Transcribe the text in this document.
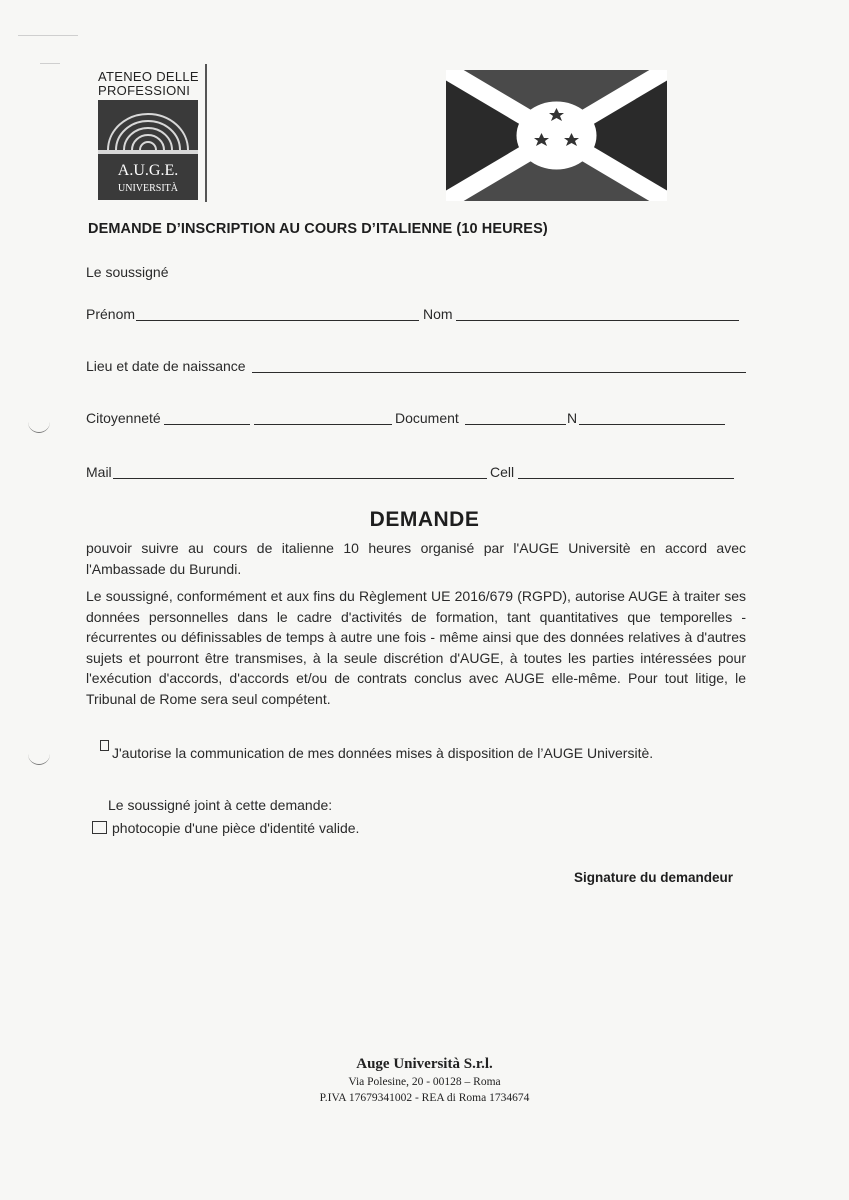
ATENEO DELLE
PROFESSIONI
A.U.G.E.
UNIVERSITÀ
DEMANDE D’INSCRIPTION AU COURS D’ITALIENNE (10 HEURES)
Le soussigné
Prénom	Nom
Lieu et date de naissance
Citoyenneté	Document	N
Mail	Cell
DEMANDE
pouvoir suivre au cours de italienne 10 heures organisé par l'AUGE Universitè en accord avec l'Ambassade du Burundi.
Le soussigné, conformément et aux fins du Règlement UE 2016/679 (RGPD), autorise AUGE à traiter ses données personnelles dans le cadre d'activités de formation, tant quantitatives que temporelles - récurrentes ou définissables de temps à autre une fois - même ainsi que des données relatives à d'autres sujets et pourront être transmises, à la seule discrétion d'AUGE, à toutes les parties intéressées pour l'exécution d'accords, d'accords et/ou de contrats conclus avec AUGE elle-même. Pour tout litige, le Tribunal de Rome sera seul compétent.
J'autorise la communication de mes données mises à disposition de l’AUGE Universitè.
Le soussigné joint à cette demande:
photocopie d'une pièce d'identité valide.
Signature du demandeur
Auge Università S.r.l.
Via Polesine, 20 - 00128 – Roma
P.IVA 17679341002 - REA di Roma 1734674
